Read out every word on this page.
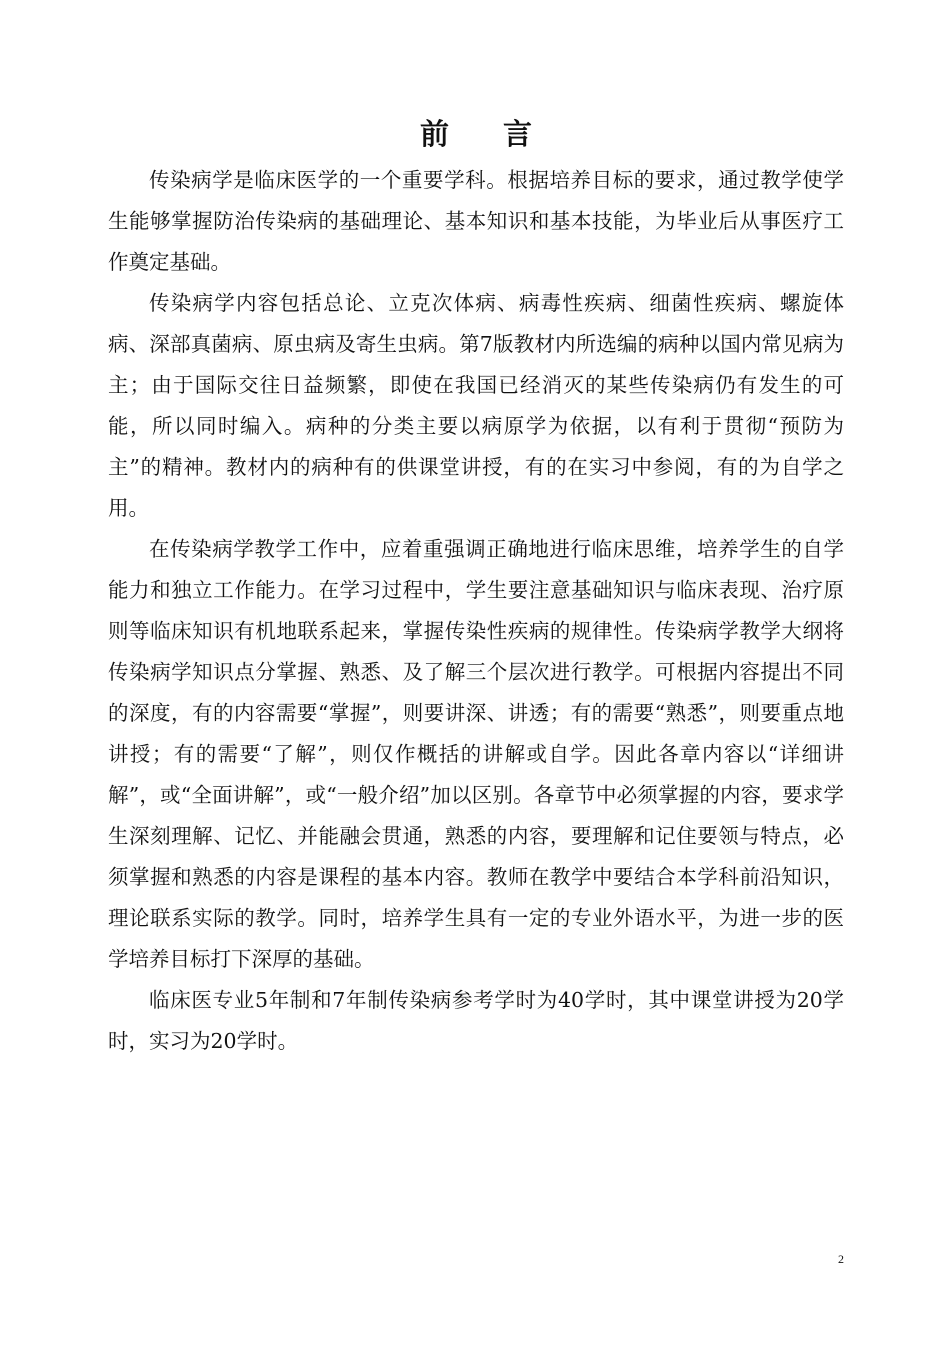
前 言

传染病学是临床医学的一个重要学科。根据培养目标的要求，通过教学使学生能够掌握防治传染病的基础理论、基本知识和基本技能，为毕业后从事医疗工作奠定基础。

传染病学内容包括总论、立克次体病、病毒性疾病、细菌性疾病、螺旋体病、深部真菌病、原虫病及寄生虫病。第7版教材内所选编的病种以国内常见病为主；由于国际交往日益频繁，即使在我国已经消灭的某些传染病仍有发生的可能，所以同时编入。病种的分类主要以病原学为依据，以有利于贯彻“预防为主”的精神。教材内的病种有的供课堂讲授，有的在实习中参阅，有的为自学之用。

在传染病学教学工作中，应着重强调正确地进行临床思维，培养学生的自学能力和独立工作能力。在学习过程中，学生要注意基础知识与临床表现、治疗原则等临床知识有机地联系起来，掌握传染性疾病的规律性。传染病学教学大纲将传染病学知识点分掌握、熟悉、及了解三个层次进行教学。可根据内容提出不同的深度，有的内容需要“掌握”，则要讲深、讲透；有的需要“熟悉”，则要重点地讲授；有的需要“了解”，则仅作概括的讲解或自学。因此各章内容以“详细讲解”，或“全面讲解”，或“一般介绍”加以区别。各章节中必须掌握的内容，要求学生深刻理解、记忆、并能融会贯通，熟悉的内容，要理解和记住要领与特点，必须掌握和熟悉的内容是课程的基本内容。教师在教学中要结合本学科前沿知识，理论联系实际的教学。同时，培养学生具有一定的专业外语水平，为进一步的医学培养目标打下深厚的基础。

临床医专业5年制和7年制传染病参考学时为40学时，其中课堂讲授为20学时，实习为20学时。

2
